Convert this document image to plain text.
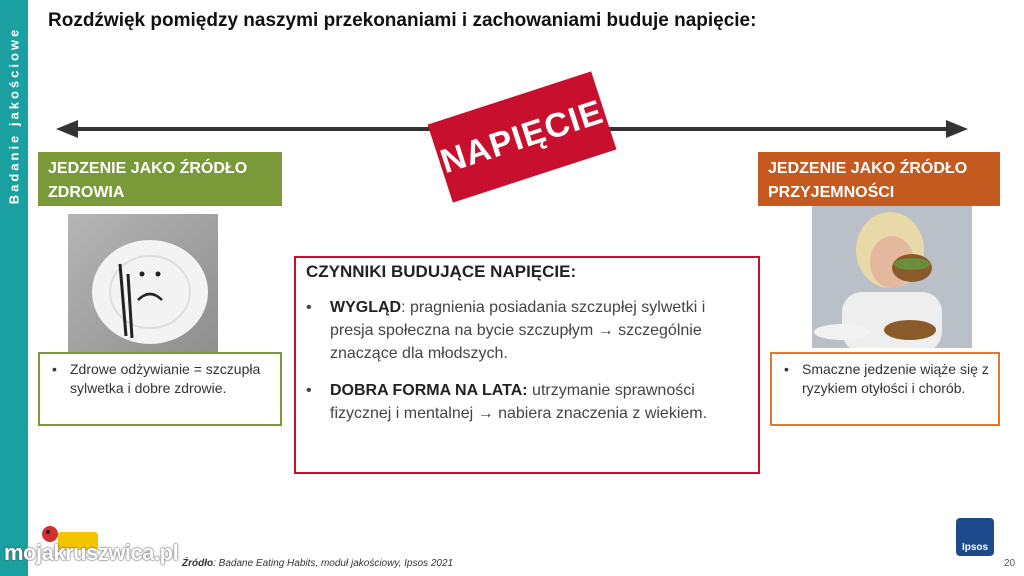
Badanie jakościowe
Rozdźwięk pomiędzy naszymi przekonaniami i zachowaniami buduje napięcie:
NAPIĘCIE
JEDZENIE JAKO ŹRÓDŁO
ZDROWIA
JEDZENIE JAKO ŹRÓDŁO
PRZYJEMNOŚCI
• Zdrowe odżywianie = szczupła sylwetka i dobre zdrowie.
• Smaczne jedzenie wiąże się z ryzykiem otyłości i chorób.
CZYNNIKI BUDUJĄCE NAPIĘCIE:
•	WYGLĄD: pragnienia posiadania szczupłej sylwetki i presja społeczna na bycie szczupłym → szczególnie znaczące dla młodszych.
•	DOBRA FORMA NA LATA: utrzymanie sprawności fizycznej i mentalnej → nabiera znaczenia z wiekiem.
mojakruszwica.pl Źródło: Badane Eating Habits, moduł jakościowy, Ipsos 2021
Ipsos
20
